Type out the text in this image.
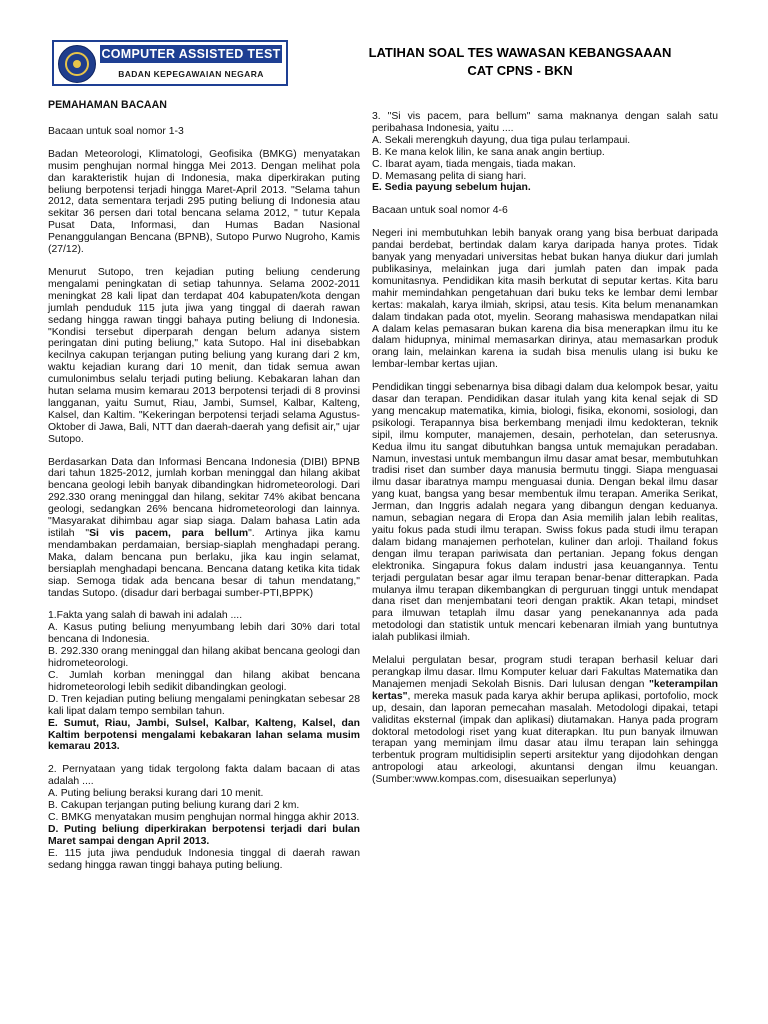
COMPUTER ASSISTED TEST
BADAN KEPEGAWAIAN NEGARA
LATIHAN SOAL TES WAWASAN KEBANGSAAAN
CAT CPNS - BKN

PEMAHAMAN BACAAN

Bacaan untuk soal nomor 1-3

Badan Meteorologi, Klimatologi, Geofisika (BMKG) menyatakan musim penghujan normal hingga Mei 2013. Dengan melihat pola dan karakteristik hujan di Indonesia, maka diperkirakan puting beliung berpotensi terjadi hingga Maret-April 2013. "Selama tahun 2012, data sementara terjadi 295 puting beliung di Indonesia atau sekitar 36 persen dari total bencana selama 2012, " tutur Kepala Pusat Data, Informasi, dan Humas Badan Nasional Penanggulangan Bencana (BPNB), Sutopo Purwo Nugroho, Kamis (27/12).

Menurut Sutopo, tren kejadian puting beliung cenderung mengalami peningkatan di setiap tahunnya. Selama 2002-2011 meningkat 28 kali lipat dan terdapat 404 kabupaten/kota dengan jumlah penduduk 115 juta jiwa yang tinggal di daerah rawan sedang hingga rawan tinggi bahaya puting beliung di Indonesia. "Kondisi tersebut diperparah dengan belum adanya sistem peringatan dini puting beliung," kata Sutopo. Hal ini disebabkan kecilnya cakupan terjangan puting beliung yang kurang dari 2 km, waktu kejadian kurang dari 10 menit, dan tidak semua awan cumulonimbus selalu terjadi puting beliung. Kebakaran lahan dan hutan selama musim kemarau 2013 berpotensi terjadi di 8 provinsi langganan, yaitu Sumut, Riau, Jambi, Sumsel, Kalbar, Kalteng, Kalsel, dan Kaltim. "Kekeringan berpotensi terjadi selama Agustus-Oktober di Jawa, Bali, NTT dan daerah-daerah yang defisit air," ujar Sutopo.

Berdasarkan Data dan Informasi Bencana Indonesia (DIBI) BPNB dari tahun 1825-2012, jumlah korban meninggal dan hilang akibat bencana geologi lebih banyak dibandingkan hidrometeorologi. Dari 292.330 orang meninggal dan hilang, sekitar 74% akibat bencana geologi, sedangkan 26% bencana hidrometeorologi dan lainnya. "Masyarakat dihimbau agar siap siaga. Dalam bahasa Latin ada istilah "Si vis pacem, para bellum". Artinya jika kamu mendambakan perdamaian, bersiap-siaplah menghadapi perang. Maka, dalam bencana pun berlaku, jika kau ingin selamat, bersiaplah menghadapi bencana. Bencana datang ketika kita tidak siap. Semoga tidak ada bencana besar di tahun mendatang," tandas Sutopo. (disadur dari berbagai sumber-PTI,BPPK)

1.Fakta yang salah di bawah ini adalah ....
A. Kasus puting beliung menyumbang lebih dari 30% dari total bencana di Indonesia.
B. 292.330 orang meninggal dan hilang akibat bencana geologi dan hidrometeorologi.
C. Jumlah korban meninggal dan hilang akibat bencana hidrometeorologi lebih sedikit dibandingkan geologi.
D. Tren kejadian puting beliung mengalami peningkatan sebesar 28 kali lipat dalam tempo sembilan tahun.
E. Sumut, Riau, Jambi, Sulsel, Kalbar, Kalteng, Kalsel, dan Kaltim berpotensi mengalami kebakaran lahan selama musim kemarau 2013.
2. Pernyataan yang tidak tergolong fakta dalam bacaan di atas adalah ....
A. Puting beliung beraksi kurang dari 10 menit.
B. Cakupan terjangan puting beliung kurang dari 2 km.
C. BMKG menyatakan musim penghujan normal hingga akhir 2013.
D. Puting beliung diperkirakan berpotensi terjadi dari bulan Maret sampai dengan April 2013.
E. 115 juta jiwa penduduk Indonesia tinggal di daerah rawan sedang hingga rawan tinggi bahaya puting beliung.
3. "Si vis pacem, para bellum" sama maknanya dengan salah satu peribahasa Indonesia, yaitu ....
A. Sekali merengkuh dayung, dua tiga pulau terlampaui.
B. Ke mana kelok lilin, ke sana anak angin bertiup.
C. Ibarat ayam, tiada mengais, tiada makan.
D. Memasang pelita di siang hari.
E. Sedia payung sebelum hujan.

Bacaan untuk soal nomor 4-6

Negeri ini membutuhkan lebih banyak orang yang bisa berbuat daripada pandai berdebat, bertindak dalam karya daripada hanya protes. Tidak banyak yang menyadari universitas hebat bukan hanya diukur dari jumlah publikasinya, melainkan juga dari jumlah paten dan impak pada komunitasnya. Pendidikan kita masih berkutat di seputar kertas. Kita baru mahir memindahkan pengetahuan dari buku teks ke lembar demi lembar kertas: makalah, karya ilmiah, skripsi, atau tesis. Kita belum menanamkan dalam tindakan pada otot, myelin. Seorang mahasiswa mendapatkan nilai A dalam kelas pemasaran bukan karena dia bisa menerapkan ilmu itu ke dalam hidupnya, minimal memasarkan dirinya, atau memasarkan produk orang lain, melainkan karena ia sudah bisa menulis ulang isi buku ke lembar-lembar kertas ujian.

Pendidikan tinggi sebenarnya bisa dibagi dalam dua kelompok besar, yaitu dasar dan terapan. Pendidikan dasar itulah yang kita kenal sejak di SD yang mencakup matematika, kimia, biologi, fisika, ekonomi, sosiologi, dan psikologi. Terapannya bisa berkembang menjadi ilmu kedokteran, teknik sipil, ilmu komputer, manajemen, desain, perhotelan, dan seterusnya. Kedua ilmu itu sangat dibutuhkan bangsa untuk memajukan peradaban. Namun, investasi untuk membangun ilmu dasar amat besar, membutuhkan tradisi riset dan sumber daya manusia bermutu tinggi. Siapa menguasai ilmu dasar ibaratnya mampu menguasai dunia. Dengan bekal ilmu dasar yang kuat, bangsa yang besar membentuk ilmu terapan. Amerika Serikat, Jerman, dan Inggris adalah negara yang dibangun dengan keduanya. namun, sebagian negara di Eropa dan Asia memilih jalan lebih realitas, yaitu fokus pada studi ilmu terapan. Swiss fokus pada studi ilmu terapan dalam bidang manajemen perhotelan, kuliner dan arloji. Thailand fokus dengan ilmu terapan pariwisata dan pertanian. Jepang fokus dengan elektronika. Singapura fokus dalam industri jasa keuangannya. Tentu terjadi pergulatan besar agar ilmu terapan benar-benar ditterapkan. Pada mulanya ilmu terapan dikembangkan di perguruan tinggi untuk mendapat dana riset dan menjembatani teori dengan praktik. Akan tetapi, mindset para ilmuwan tetaplah ilmu dasar yang penekanannya ada pada metodologi dan statistik untuk mencari kebenaran ilmiah yang buntutnya ialah publikasi ilmiah.

Melalui pergulatan besar, program studi terapan berhasil keluar dari perangkap ilmu dasar. Ilmu Komputer keluar dari Fakultas Matematika dan Manajemen menjadi Sekolah Bisnis. Dari lulusan dengan "keterampilan kertas", mereka masuk pada karya akhir berupa aplikasi, portofolio, mock up, desain, dan laporan pemecahan masalah. Metodologi dipakai, tetapi validitas eksternal (impak dan aplikasi) diutamakan. Hanya pada program doktoral metodologi riset yang kuat diterapkan. Itu pun banyak ilmuwan terapan yang meminjam ilmu dasar atau ilmu terapan lain sehingga terbentuk program multidisiplin seperti arsitektur yang dijodohkan dengan antropologi atau arkeologi, akuntansi dengan ilmu keuangan. (Sumber:www.kompas.com, disesuaikan seperlunya)
